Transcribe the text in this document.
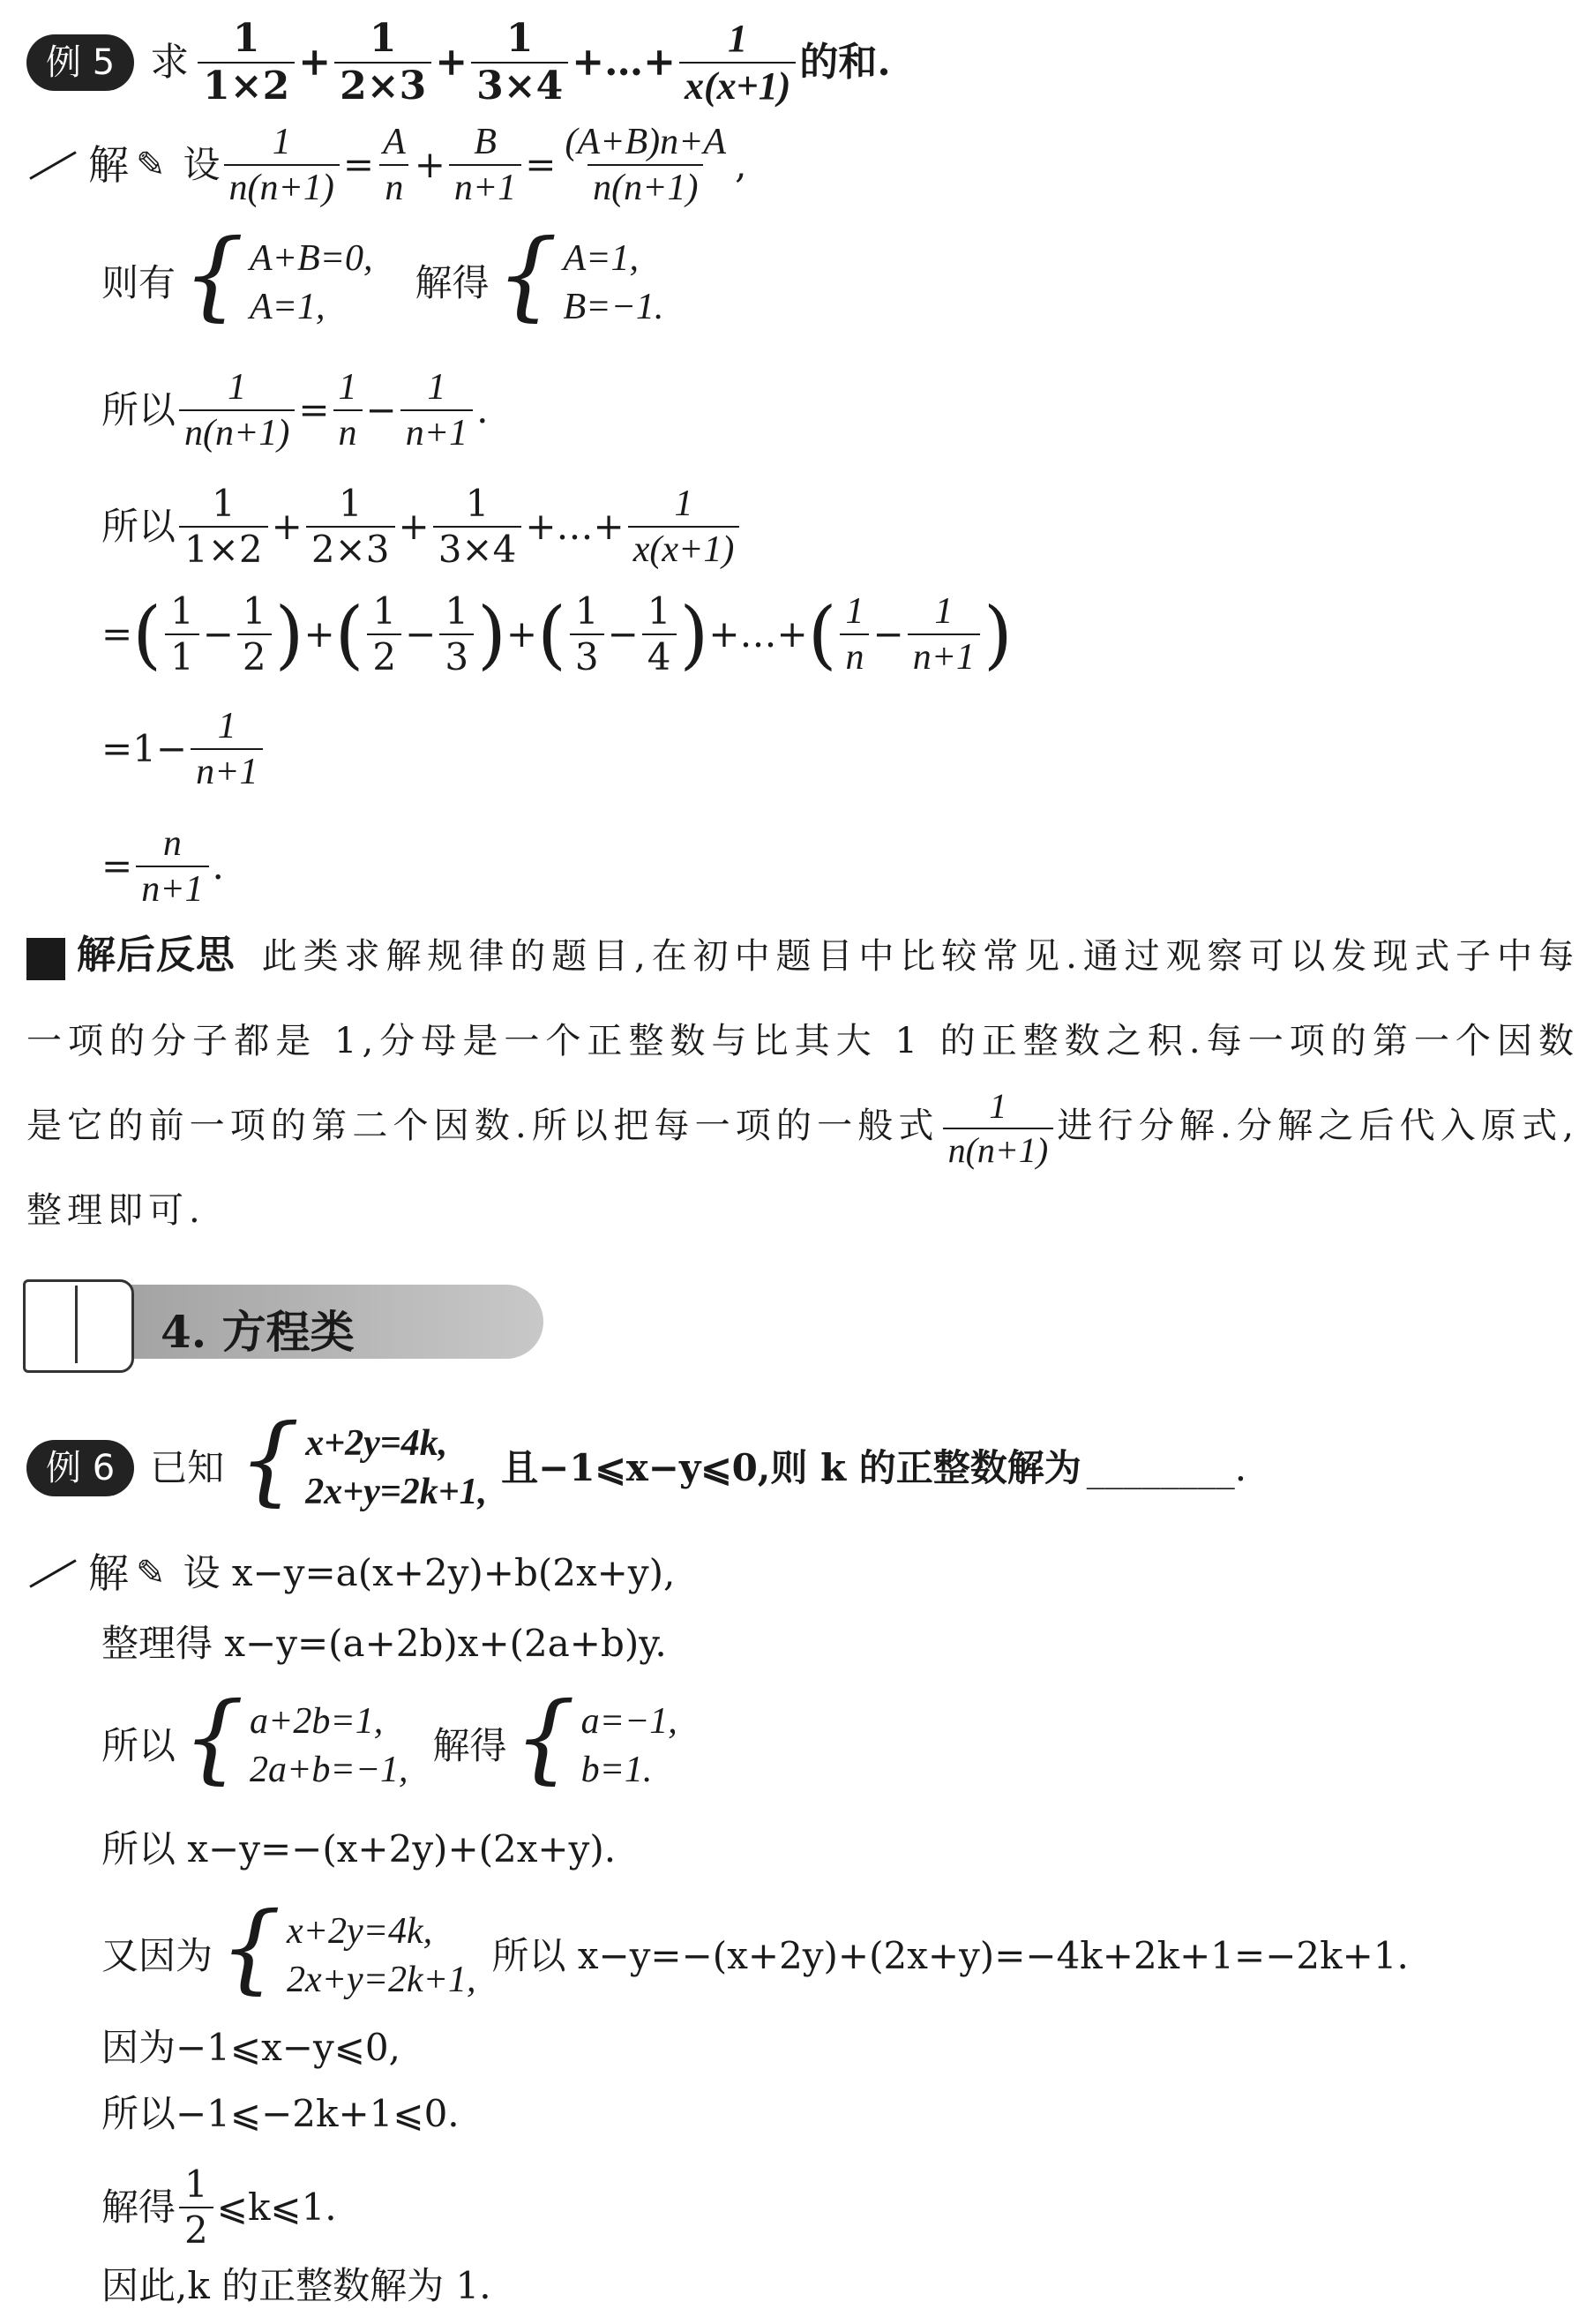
例 5 求 $\frac{1}{1\times 2} + \frac{1}{2\times 3} + \frac{1}{3\times 4}$ +…+ $\frac{1}{x(x+1)}$ 的和.
解 ✎ 设 $\frac{1}{n(n+1)} = \frac{A}{n} + \frac{B}{n+1} = \frac{(A+B)n+A}{n(n+1)}$ ,
则有 { A+B=0,
A=1,
解得 { A=1,
B=−1.
所以 $\frac{1}{n(n+1)} = \frac{1}{n} - \frac{1}{n+1}$ .
所以 $\frac{1}{1\times 2} + \frac{1}{2\times 3} + \frac{1}{3\times 4}$ +…+ $\frac{1}{x(x+1)}$
= ( $\frac{1}{1} - \frac{1}{2}$ ) + ( $\frac{1}{2} - \frac{1}{3}$ ) + ( $\frac{1}{3} - \frac{1}{4}$ ) +…+ ( $\frac{1}{n} - \frac{1}{n+1}$ )
$=1- \frac{1}{n+1}$
= $\frac{n}{n+1}$ .
解后反思 此类求解规律的题目,在初中题目中比较常见.通过观察可以发现式子中每一项的分子都是 1,分母是一个正整数与比其大 1 的正整数之积.每一项的第一个因数是它的前一项的第二个因数.所以把每一项的一般式 $\frac{1}{n(n+1)}$ 进行分解.分解之后代入原式,整理即可.
4. 方程类
例 6 已知 { x+2y=4k,
2x+y=2k+1,
且−1⩽x−y⩽0,则 k 的正整数解为 ________ .
解 ✎ 设 x−y=a(x+2y)+b(2x+y),
整理得 x−y=(a+2b)x+(2a+b)y.
所以 { a+2b=1,
2a+b=−1,
解得 { a=−1,
b=1.
所以 x−y=−(x+2y)+(2x+y).
又因为 { x+2y=4k,
2x+y=2k+1,
所以 x−y=−(x+2y)+(2x+y)=−4k+2k+1=−2k+1.
因为−1⩽x−y⩽0,
所以−1⩽−2k+1⩽0.
解得 $\frac{1}{2}$ ⩽k⩽1.
因此,k 的正整数解为 1.
